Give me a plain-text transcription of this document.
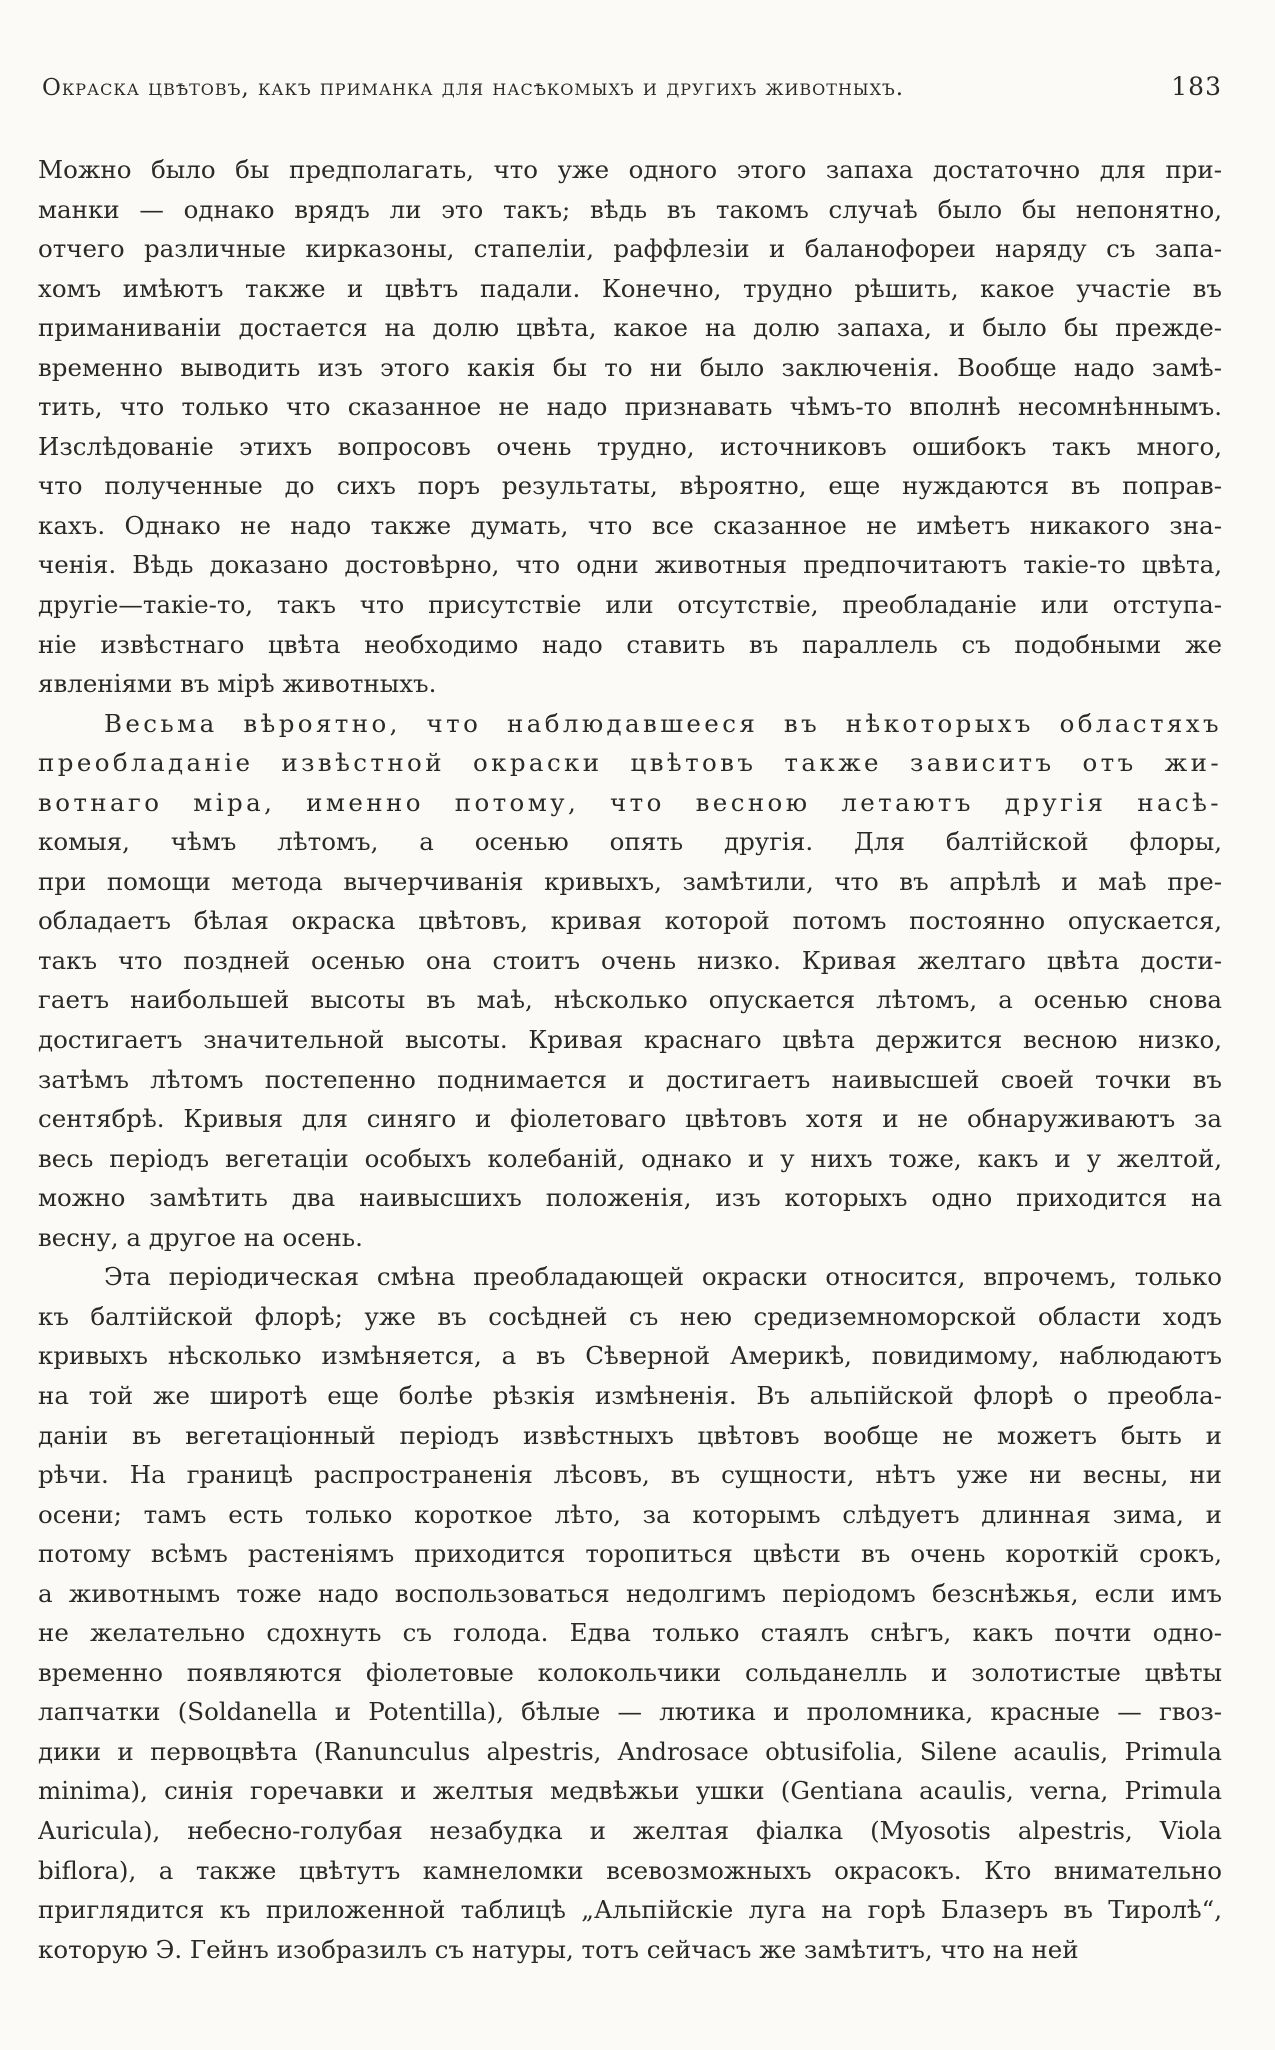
Окраска цвѣтовъ, какъ приманка для насѣкомыхъ и другихъ животныхъ.	183
Можно было бы предполагать, что уже одного этого запаха достаточно для при-
манки — однако врядъ ли это такъ; вѣдь въ такомъ случаѣ было бы непонятно,
отчего различные кирказоны, стапеліи, раффлезіи и баланофореи наряду съ запа-
хомъ имѣютъ также и цвѣтъ падали. Конечно, трудно рѣшить, какое участіе въ
приманиваніи достается на долю цвѣта, какое на долю запаха, и было бы прежде-
временно выводить изъ этого какія бы то ни было заключенія. Вообще надо замѣ-
тить, что только что сказанное не надо признавать чѣмъ-то вполнѣ несомнѣннымъ.
Изслѣдованіе этихъ вопросовъ очень трудно, источниковъ ошибокъ такъ много,
что полученные до сихъ поръ результаты, вѣроятно, еще нуждаются въ поправ-
кахъ. Однако не надо также думать, что все сказанное не имѣетъ никакого зна-
ченія. Вѣдь доказано достовѣрно, что одни животныя предпочитаютъ такіе-то цвѣта,
другіе—такіе-то, такъ что присутствіе или отсутствіе, преобладаніе или отступа-
ніе извѣстнаго цвѣта необходимо надо ставить въ параллель съ подобными же
явленіями въ мірѣ животныхъ.
Весьма вѣроятно, что наблюдавшееся въ нѣкоторыхъ областяхъ
преобладаніе извѣстной окраски цвѣтовъ также зависитъ отъ жи-
вотнаго міра, именно потому, что весною летаютъ другія насѣ-
комыя, чѣмъ лѣтомъ, а осенью опять другія. Для балтійской флоры,
при помощи метода вычерчиванія кривыхъ, замѣтили, что въ апрѣлѣ и маѣ пре-
обладаетъ бѣлая окраска цвѣтовъ, кривая которой потомъ постоянно опускается,
такъ что поздней осенью она стоитъ очень низко. Кривая желтаго цвѣта дости-
гаетъ наибольшей высоты въ маѣ, нѣсколько опускается лѣтомъ, а осенью снова
достигаетъ значительной высоты. Кривая краснаго цвѣта держится весною низко,
затѣмъ лѣтомъ постепенно поднимается и достигаетъ наивысшей своей точки въ
сентябрѣ. Кривыя для синяго и фіолетоваго цвѣтовъ хотя и не обнаруживаютъ за
весь періодъ вегетаціи особыхъ колебаній, однако и у нихъ тоже, какъ и у желтой,
можно замѣтить два наивысшихъ положенія, изъ которыхъ одно приходится на
весну, а другое на осень.
Эта періодическая смѣна преобладающей окраски относится, впрочемъ, только
къ балтійской флорѣ; уже въ сосѣдней съ нею средиземноморской области ходъ
кривыхъ нѣсколько измѣняется, а въ Сѣверной Америкѣ, повидимому, наблюдаютъ
на той же широтѣ еще болѣе рѣзкія измѣненія. Въ альпійской флорѣ о преобла-
даніи въ вегетаціонный періодъ извѣстныхъ цвѣтовъ вообще не можетъ быть и
рѣчи. На границѣ распространенія лѣсовъ, въ сущности, нѣтъ уже ни весны, ни
осени; тамъ есть только короткое лѣто, за которымъ слѣдуетъ длинная зима, и
потому всѣмъ растеніямъ приходится торопиться цвѣсти въ очень короткій срокъ,
а животнымъ тоже надо воспользоваться недолгимъ періодомъ безснѣжья, если имъ
не желательно сдохнуть съ голода. Едва только стаялъ снѣгъ, какъ почти одно-
временно появляются фіолетовые колокольчики сольданелль и золотистые цвѣты
лапчатки (Soldanella и Potentilla), бѣлые — лютика и проломника, красные — гвоз-
дики и первоцвѣта (Ranunculus alpestris, Androsace obtusifolia, Silene acaulis, Primula
minima), синія горечавки и желтыя медвѣжьи ушки (Gentiana acaulis, verna, Primula
Auricula), небесно-голубая незабудка и желтая фіалка (Myosotis alpestris, Viola
biflora), а также цвѣтутъ камнеломки всевозможныхъ окрасокъ. Кто внимательно
приглядится къ приложенной таблицѣ „Альпійскіе луга на горѣ Блазеръ въ Тиролѣ“,
которую Э. Гейнъ изобразилъ съ натуры, тотъ сейчасъ же замѣтитъ, что на ней
